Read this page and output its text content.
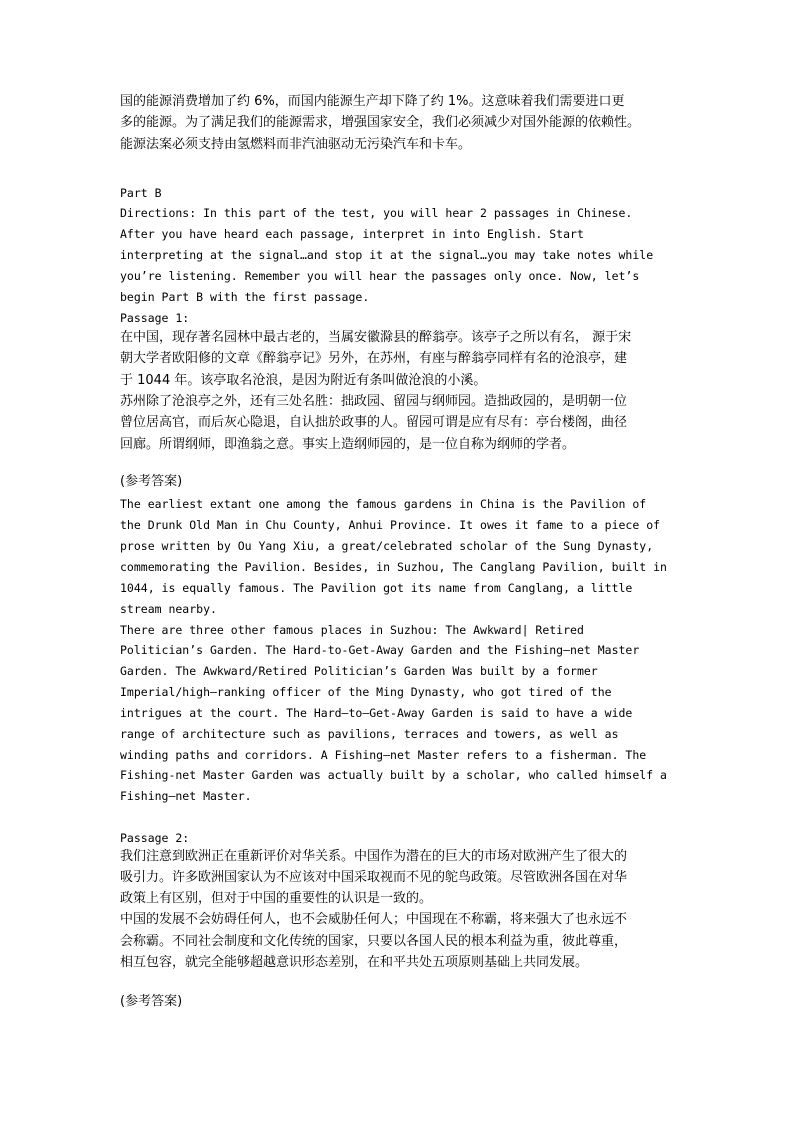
国的能源消费增加了约 6%，而国内能源生产却下降了约 1%。这意味着我们需要进口更
多的能源。为了满足我们的能源需求，增强国家安全，我们必须减少对国外能源的依赖性。
能源法案必须支持由氢燃料而非汽油驱动无污染汽车和卡车。
Part B
Directions: In this part of the test, you will hear 2 passages in Chinese.
After you have heard each passage, interpret in into English. Start
interpreting at the signal…and stop it at the signal…you may take notes while
you’re listening. Remember you will hear the passages only once. Now, let’s
begin Part B with the first passage.
Passage 1:
在中国，现存著名园林中最古老的，当属安徽滁县的醉翁亭。该亭子之所以有名， 源于宋
朝大学者欧阳修的文章《醉翁亭记》另外，在苏州，有座与醉翁亭同样有名的沧浪亭，建
于 1044 年。该亭取名沧浪，是因为附近有条叫做沧浪的小溪。
苏州除了沧浪亭之外，还有三处名胜：拙政园、留园与纲师园。造拙政园的，是明朝一位
曾位居高官，而后灰心隐退，自认拙於政事的人。留园可谓是应有尽有：亭台楼阁，曲径
回廊。所谓纲师，即渔翁之意。事实上造纲师园的，是一位自称为纲师的学者。
(参考答案)
The earliest extant one among the famous gardens in China is the Pavilion of
the Drunk Old Man in Chu County, Anhui Province. It owes it fame to a piece of
prose written by Ou Yang Xiu, a great/celebrated scholar of the Sung Dynasty,
commemorating the Pavilion. Besides, in Suzhou, The Canglang Pavilion, built in
1044, is equally famous. The Pavilion got its name from Canglang, a little
stream nearby.
There are three other famous places in Suzhou: The Awkward| Retired
Politician’s Garden. The Hard-to-Get-Away Garden and the Fishing—net Master
Garden. The Awkward/Retired Politician’s Garden Was built by a former
Imperial/high—ranking officer of the Ming Dynasty, who got tired of the
intrigues at the court. The Hard—to—Get-Away Garden is said to have a wide
range of architecture such as pavilions, terraces and towers, as well as
winding paths and corridors. A Fishing—net Master refers to a fisherman. The
Fishing-net Master Garden was actually built by a scholar, who called himself a
Fishing—net Master.
Passage 2:
我们注意到欧洲正在重新评价对华关系。中国作为潜在的巨大的市场对欧洲产生了很大的
吸引力。许多欧洲国家认为不应该对中国采取视而不见的鸵鸟政策。尽管欧洲各国在对华
政策上有区别，但对于中国的重要性的认识是一致的。
中国的发展不会妨碍任何人，也不会威胁任何人；中国现在不称霸，将来强大了也永远不
会称霸。不同社会制度和文化传统的国家，只要以各国人民的根本利益为重，彼此尊重，
相互包容，就完全能够超越意识形态差别，在和平共处五项原则基础上共同发展。
(参考答案)
